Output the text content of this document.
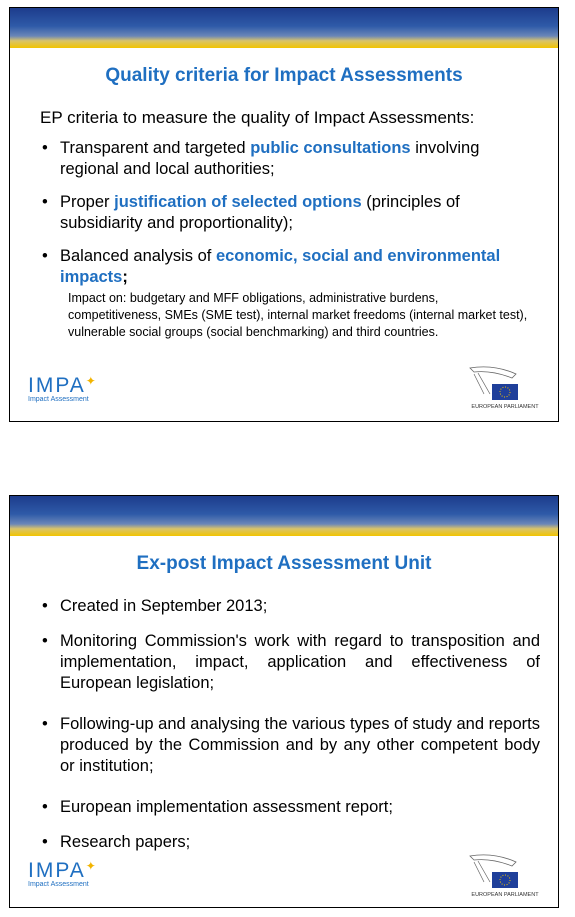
Quality criteria for Impact Assessments
EP criteria to measure the quality of Impact Assessments:
• Transparent and targeted public consultations involving regional and local authorities;
• Proper justification of selected options (principles of subsidiarity and proportionality);
• Balanced analysis of economic, social and environmental impacts;
Impact on: budgetary and MFF obligations, administrative burdens, competitiveness, SMEs (SME test), internal market freedoms (internal market test), vulnerable social groups (social benchmarking) and third countries.
IMPA✦
Impact Assessment
EUROPEAN PARLIAMENT
Ex-post Impact Assessment Unit
• Created in September 2013;
• Monitoring Commission's work with regard to transposition and implementation, impact, application and effectiveness of European legislation;
• Following-up and analysing the various types of study and reports produced by the Commission and by any other competent body or institution;
• European implementation assessment report;
• Research papers;
IMPA✦
Impact Assessment
EUROPEAN PARLIAMENT
